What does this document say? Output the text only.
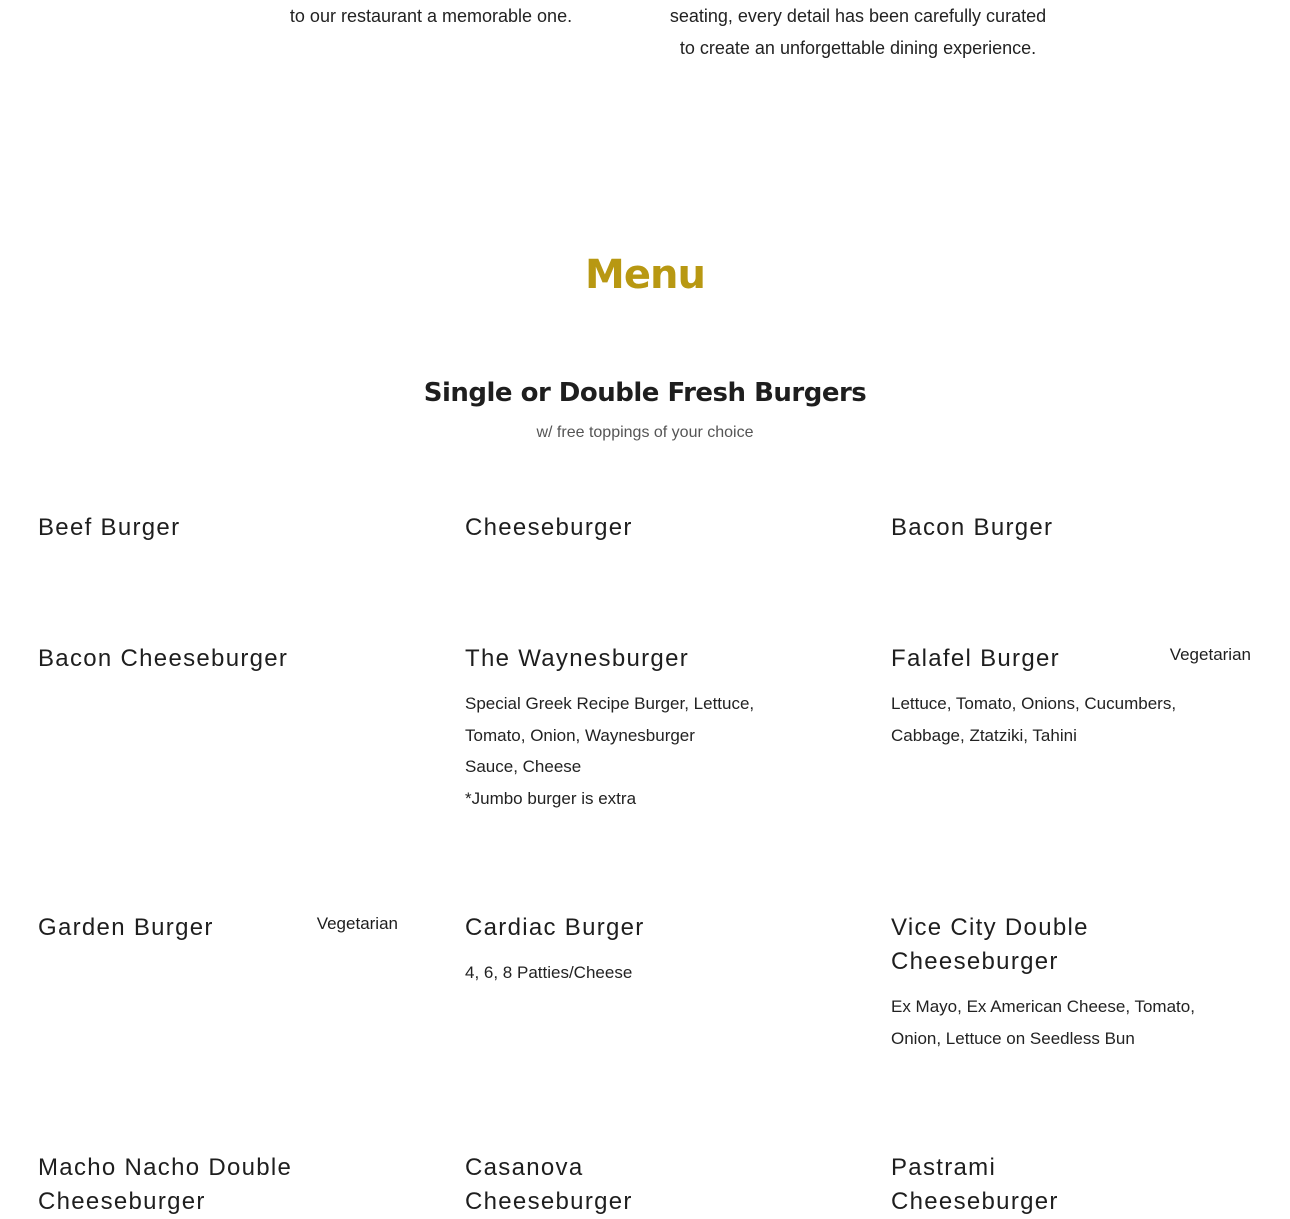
to our restaurant a memorable one.	seating, every detail has been carefully curated
to create an unforgettable dining experience.
Menu
Single or Double Fresh Burgers
w/ free toppings of your choice
Beef Burger	Cheeseburger	Bacon Burger
Bacon Cheeseburger	The Waynesburger
Special Greek Recipe Burger, Lettuce,
Tomato, Onion, Waynesburger
Sauce, Cheese
*Jumbo burger is extra
Falafel Burger	Vegetarian
Lettuce, Tomato, Onions, Cucumbers,
Cabbage, Ztatziki, Tahini
Garden Burger	Vegetarian	Cardiac Burger
4, 6, 8 Patties/Cheese
Vice City Double Cheeseburger
Ex Mayo, Ex American Cheese, Tomato,
Onion, Lettuce on Seedless Bun
Macho Nacho Double Cheeseburger
Casanova Cheeseburger
Pastrami Cheeseburger
